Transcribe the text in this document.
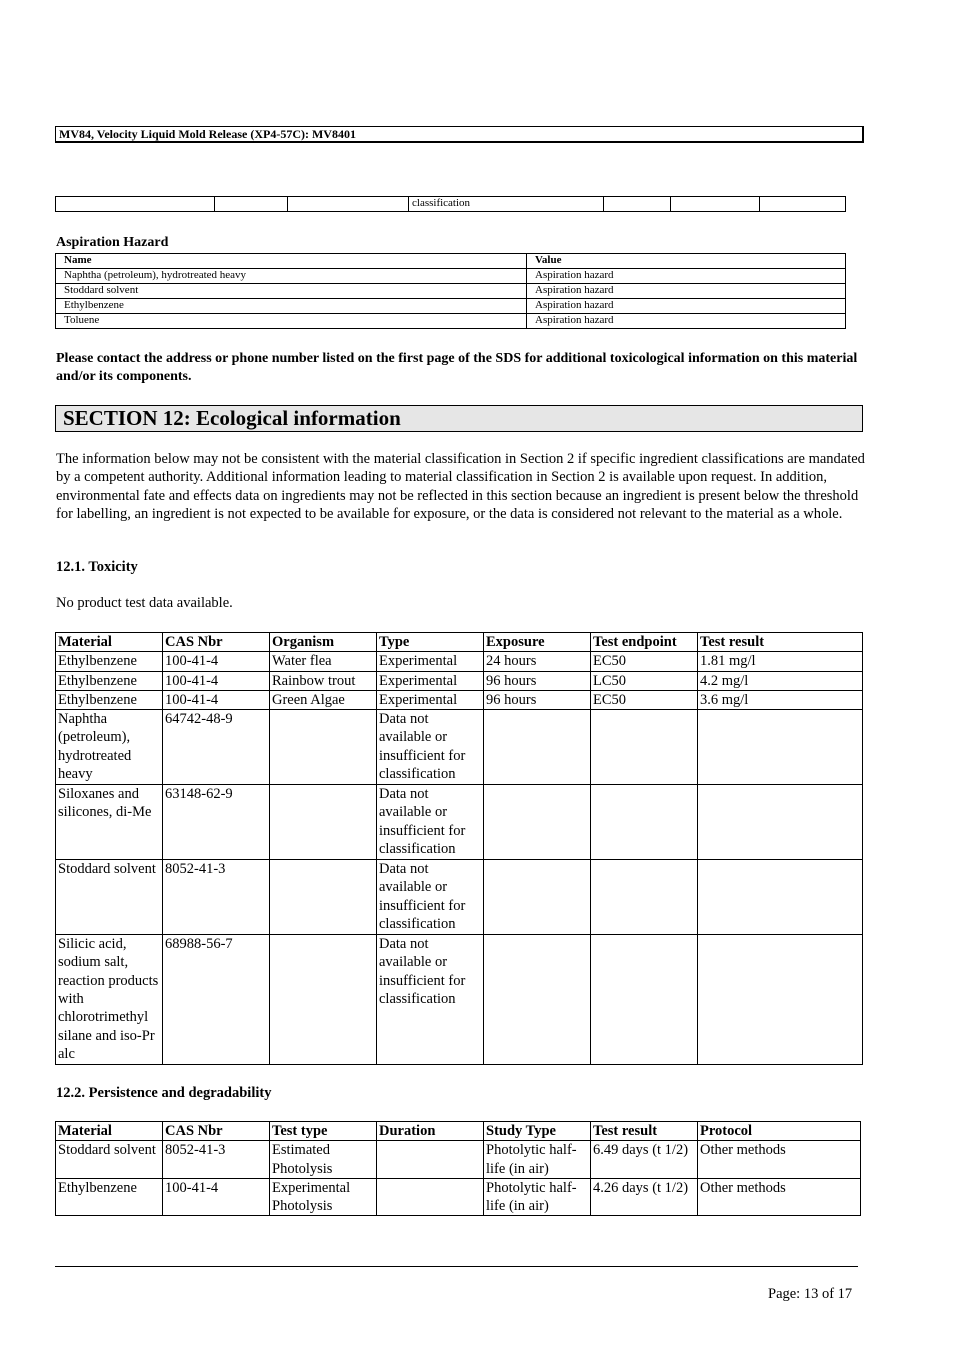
MV84, Velocity Liquid Mold Release (XP4-57C): MV8401
			classification			
Aspiration Hazard
Name	Value
Naphtha (petroleum), hydrotreated heavy	Aspiration hazard
Stoddard solvent	Aspiration hazard
Ethylbenzene	Aspiration hazard
Toluene	Aspiration hazard
Please contact the address or phone number listed on the first page of the SDS for additional toxicological information on this material and/or its components.
SECTION 12: Ecological information
The information below may not be consistent with the material classification in Section 2 if specific ingredient classifications are mandated by a competent authority. Additional information leading to material classification in Section 2 is available upon request. In addition, environmental fate and effects data on ingredients may not be reflected in this section because an ingredient is present below the threshold for labelling, an ingredient is not expected to be available for exposure, or the data is considered not relevant to the material as a whole.
12.1. Toxicity
No product test data available.
Material	CAS Nbr	Organism	Type	Exposure	Test endpoint	Test result
Ethylbenzene	100-41-4	Water flea	Experimental	24 hours	EC50	1.81 mg/l
Ethylbenzene	100-41-4	Rainbow trout	Experimental	96 hours	LC50	4.2 mg/l
Ethylbenzene	100-41-4	Green Algae	Experimental	96 hours	EC50	3.6 mg/l
Naphtha (petroleum), hydrotreated heavy	64742-48-9		Data not available or insufficient for classification			
Siloxanes and silicones, di-Me	63148-62-9		Data not available or insufficient for classification			
Stoddard solvent	8052-41-3		Data not available or insufficient for classification			
Silicic acid, sodium salt, reaction products with chlorotrimethyl silane and iso-Pr alc	68988-56-7		Data not available or insufficient for classification			
12.2. Persistence and degradability
Material	CAS Nbr	Test type	Duration	Study Type	Test result	Protocol
Stoddard solvent	8052-41-3	Estimated Photolysis		Photolytic half-life (in air)	6.49 days (t 1/2)	Other methods
Ethylbenzene	100-41-4	Experimental Photolysis		Photolytic half-life (in air)	4.26 days (t 1/2)	Other methods
Page: 13 of 17
